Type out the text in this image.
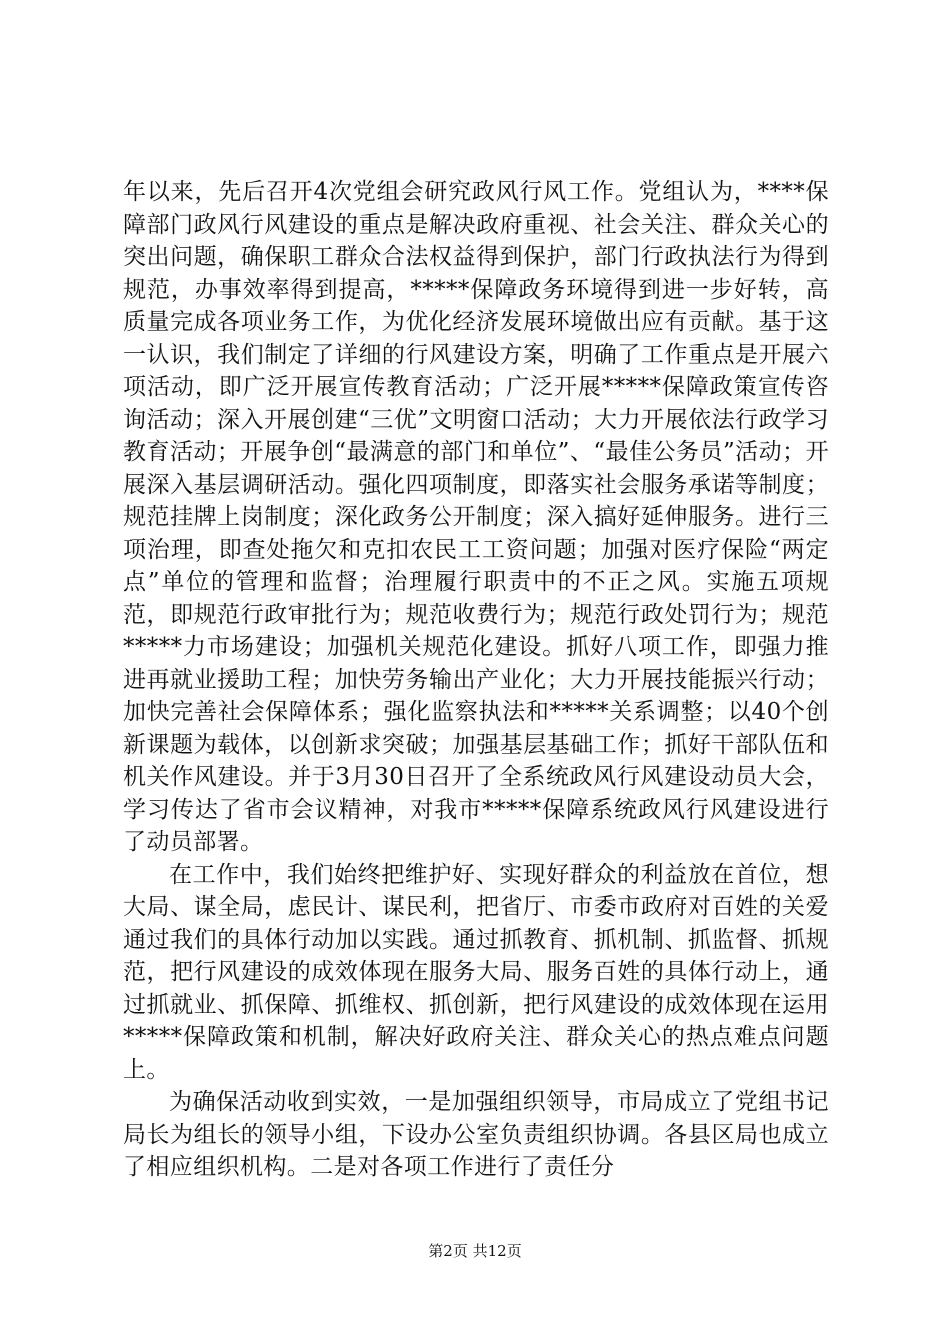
年以来，先后召开4次党组会研究政风行风工作。党组认为，****保障部门政风行风建设的重点是解决政府重视、社会关注、群众关心的突出问题，确保职工群众合法权益得到保护，部门行政执法行为得到规范，办事效率得到提高，*****保障政务环境得到进一步好转，高质量完成各项业务工作，为优化经济发展环境做出应有贡献。基于这一认识，我们制定了详细的行风建设方案，明确了工作重点是开展六项活动，即广泛开展宣传教育活动；广泛开展*****保障政策宣传咨询活动；深入开展创建“三优”文明窗口活动；大力开展依法行政学习教育活动；开展争创“最满意的部门和单位”、“最佳公务员”活动；开展深入基层调研活动。强化四项制度，即落实社会服务承诺等制度；规范挂牌上岗制度；深化政务公开制度；深入搞好延伸服务。进行三项治理，即查处拖欠和克扣农民工工资问题；加强对医疗保险“两定点”单位的管理和监督；治理履行职责中的不正之风。实施五项规范，即规范行政审批行为；规范收费行为；规范行政处罚行为；规范*****力市场建设；加强机关规范化建设。抓好八项工作，即强力推进再就业援助工程；加快劳务输出产业化；大力开展技能振兴行动；加快完善社会保障体系；强化监察执法和*****关系调整；以40个创新课题为载体，以创新求突破；加强基层基础工作；抓好干部队伍和机关作风建设。并于3月30日召开了全系统政风行风建设动员大会，学习传达了省市会议精神，对我市*****保障系统政风行风建设进行了动员部署。

在工作中，我们始终把维护好、实现好群众的利益放在首位，想大局、谋全局，虑民计、谋民利，把省厅、市委市政府对百姓的关爱通过我们的具体行动加以实践。通过抓教育、抓机制、抓监督、抓规范，把行风建设的成效体现在服务大局、服务百姓的具体行动上，通过抓就业、抓保障、抓维权、抓创新，把行风建设的成效体现在运用*****保障政策和机制，解决好政府关注、群众关心的热点难点问题上。

为确保活动收到实效，一是加强组织领导，市局成立了党组书记局长为组长的领导小组，下设办公室负责组织协调。各县区局也成立了相应组织机构。二是对各项工作进行了责任分

第2页 共12页
